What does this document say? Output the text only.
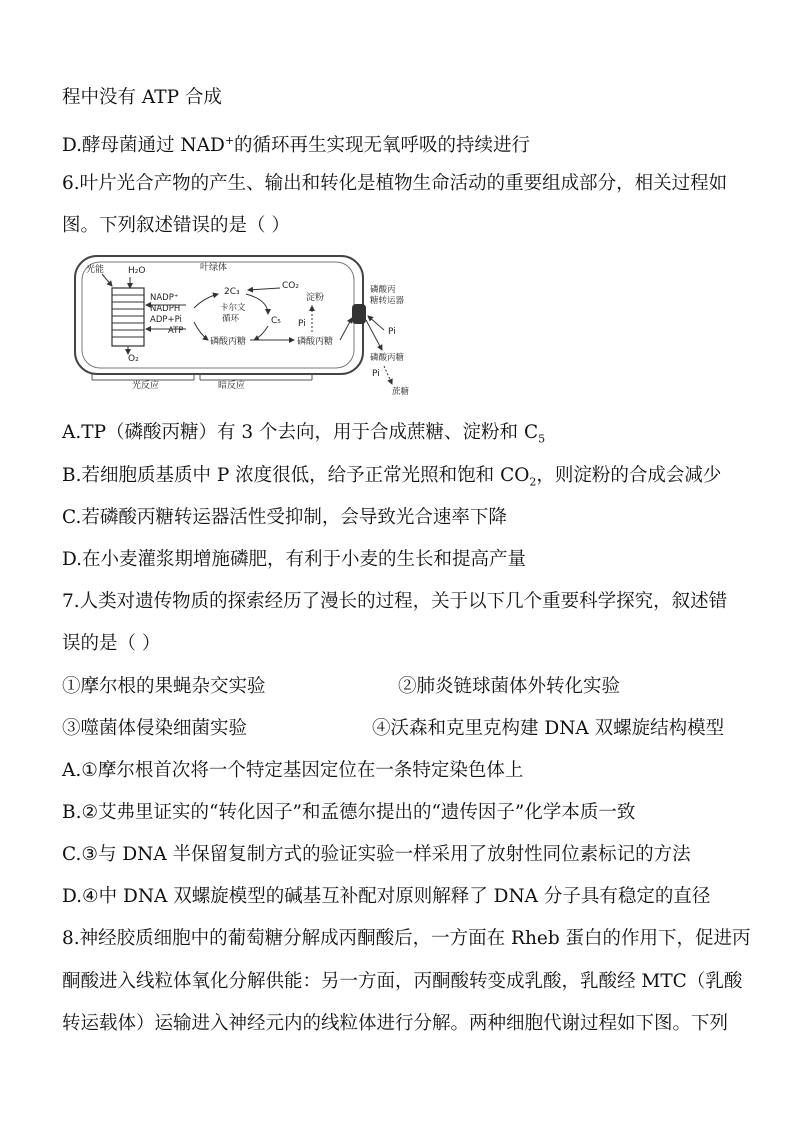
程中没有 ATP 合成
D.酵母菌通过 NAD+的循环再生实现无氧呼吸的持续进行
6.叶片光合产物的产生、输出和转化是植物生命活动的重要组成部分，相关过程如
图。下列叙述错误的是（ ）
光能	H₂O	叶绿体
NADP⁺
NADPH
ADP+Pi
ATP
O₂
2C₃
CO₂
卡尔文
循环	C₅
淀粉
Pi
磷酸丙糖	磷酸丙糖
磷酸丙
糖转运器
Pi
磷酸丙糖
Pi
蔗糖
光反应	暗反应
A.TP（磷酸丙糖）有 3 个去向，用于合成蔗糖、淀粉和 $C_5$
B.若细胞质基质中 P 浓度很低，给予正常光照和饱和 $CO_2$，则淀粉的合成会减少
C.若磷酸丙糖转运器活性受抑制，会导致光合速率下降
D.在小麦灌浆期增施磷肥，有利于小麦的生长和提高产量
7.人类对遗传物质的探索经历了漫长的过程，关于以下几个重要科学探究，叙述错
误的是（ ）
①摩尔根的果蝇杂交实验	②肺炎链球菌体外转化实验
③噬菌体侵染细菌实验	④沃森和克里克构建 DNA 双螺旋结构模型
A.①摩尔根首次将一个特定基因定位在一条特定染色体上
B.②艾弗里证实的“转化因子”和孟德尔提出的“遗传因子”化学本质一致
C.③与 DNA 半保留复制方式的验证实验一样采用了放射性同位素标记的方法
D.④中 DNA 双螺旋模型的碱基互补配对原则解释了 DNA 分子具有稳定的直径
8.神经胶质细胞中的葡萄糖分解成丙酮酸后，一方面在 Rheb 蛋白的作用下，促进丙
酮酸进入线粒体氧化分解供能：另一方面，丙酮酸转变成乳酸，乳酸经 MTC（乳酸
转运载体）运输进入神经元内的线粒体进行分解。两种细胞代谢过程如下图。下列
